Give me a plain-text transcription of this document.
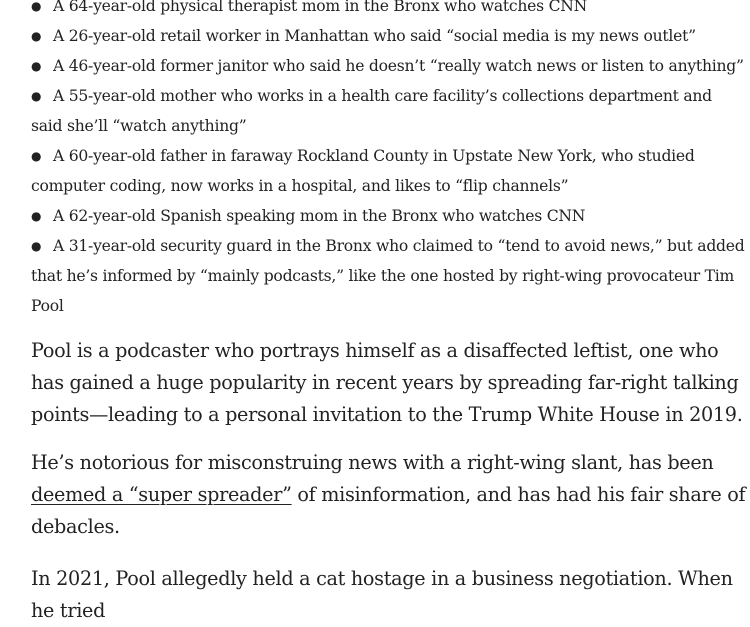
● A 64-year-old physical therapist mom in the Bronx who watches CNN
● A 26-year-old retail worker in Manhattan who said “social media is my news outlet”
● A 46-year-old former janitor who said he doesn’t “really watch news or listen to anything”
● A 55-year-old mother who works in a health care facility’s collections department and said she’ll “watch anything”
● A 60-year-old father in faraway Rockland County in Upstate New York, who studied computer coding, now works in a hospital, and likes to “flip channels”
● A 62-year-old Spanish speaking mom in the Bronx who watches CNN
● A 31-year-old security guard in the Bronx who claimed to “tend to avoid news,” but added that he’s informed by “mainly podcasts,” like the one hosted by right-wing provocateur Tim Pool

Pool is a podcaster who portrays himself as a disaffected leftist, one who has gained a huge popularity in recent years by spreading far-right talking points—leading to a personal invitation to the Trump White House in 2019.

He’s notorious for misconstruing news with a right-wing slant, has been deemed a “super spreader” of misinformation, and has had his fair share of debacles.

In 2021, Pool allegedly held a cat hostage in a business negotiation. When he tried
